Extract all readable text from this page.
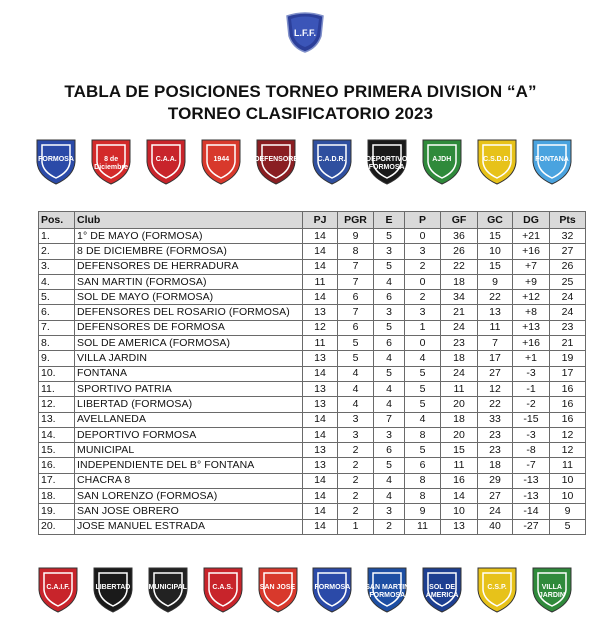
L.F.F.
TABLA DE POSICIONES TORNEO PRIMERA DIVISION “A”
TORNEO CLASIFICATORIO 2023
FORMOSA	8 de Diciembre
C.A.A.	1944	DEFENSORES	C.A.D.R.	DEPORTIVO FORMOSA
AJDH	C.S.D.D.	FONTANA
Pos.	Club	PJ	PGR	E	P	GF	GC	DG	Pts
1.	1° DE MAYO (FORMOSA)	14	9	5	0	36	15	+21	32
2.	8 DE DICIEMBRE (FORMOSA)	14	8	3	3	26	10	+16	27
3.	DEFENSORES DE HERRADURA	14	7	5	2	22	15	+7	26
4.	SAN MARTIN (FORMOSA)	11	7	4	0	18	9	+9	25
5.	SOL DE MAYO (FORMOSA)	14	6	6	2	34	22	+12	24
6.	DEFENSORES DEL ROSARIO (FORMOSA)	13	7	3	3	21	13	+8	24
7.	DEFENSORES DE FORMOSA	12	6	5	1	24	11	+13	23
8.	SOL DE AMERICA (FORMOSA)	11	5	6	0	23	7	+16	21
9.	VILLA JARDIN	13	5	4	4	18	17	+1	19
10.	FONTANA	14	4	5	5	24	27	-3	17
11.	SPORTIVO PATRIA	13	4	4	5	11	12	-1	16
12.	LIBERTAD (FORMOSA)	13	4	4	5	20	22	-2	16
13.	AVELLANEDA	14	3	7	4	18	33	-15	16
14.	DEPORTIVO FORMOSA	14	3	3	8	20	23	-3	12
15.	MUNICIPAL	13	2	6	5	15	23	-8	12
16.	INDEPENDIENTE DEL B° FONTANA	13	2	5	6	11	18	-7	11
17.	CHACRA 8	14	2	4	8	16	29	-13	10
18.	SAN LORENZO (FORMOSA)	14	2	4	8	14	27	-13	10
19.	SAN JOSE OBRERO	14	2	3	9	10	24	-14	9
20.	JOSE MANUEL ESTRADA	14	1	2	11	13	40	-27	5
C.A.I.F.	LIBERTAD	MUNICIPAL	C.A.S.	SAN JOSE	FORMOSA	SAN MARTIN FORMOSA
SOL DE AMERICA
C.S.P.	VILLA JARDIN
